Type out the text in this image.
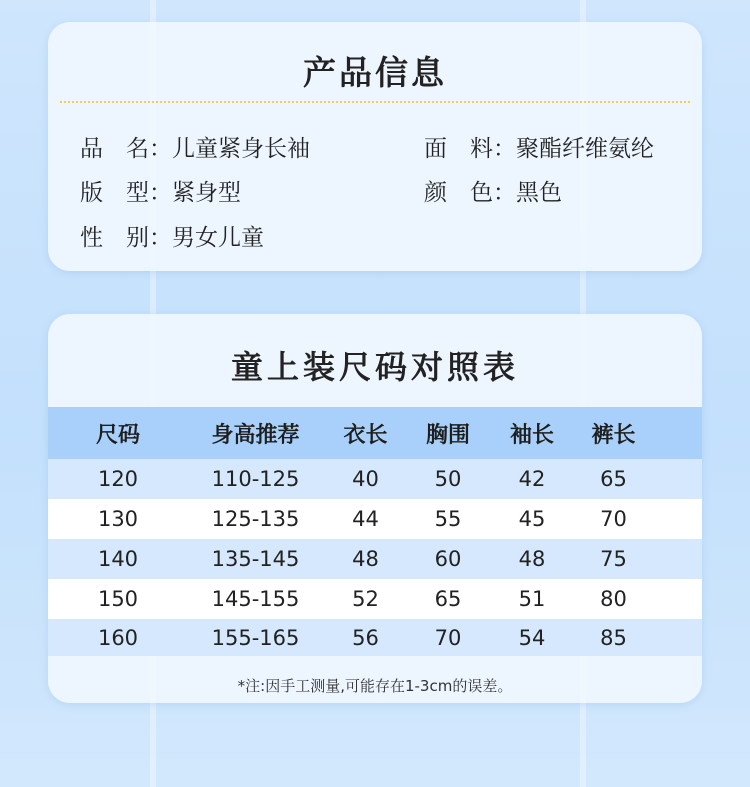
产品信息
品　名：儿童紧身长袖	面　料：聚酯纤维氨纶
版　型：紧身型	颜　色：黑色
性　别：男女儿童
童上装尺码对照表
尺码	身高推荐	衣长	胸围	袖长	裤长	
120	110-125	40	50	42	65	
130	125-135	44	55	45	70	
140	135-145	48	60	48	75	
150	145-155	52	65	51	80	
160	155-165	56	70	54	85	
*注:因手工测量,可能存在1-3cm的误差。
